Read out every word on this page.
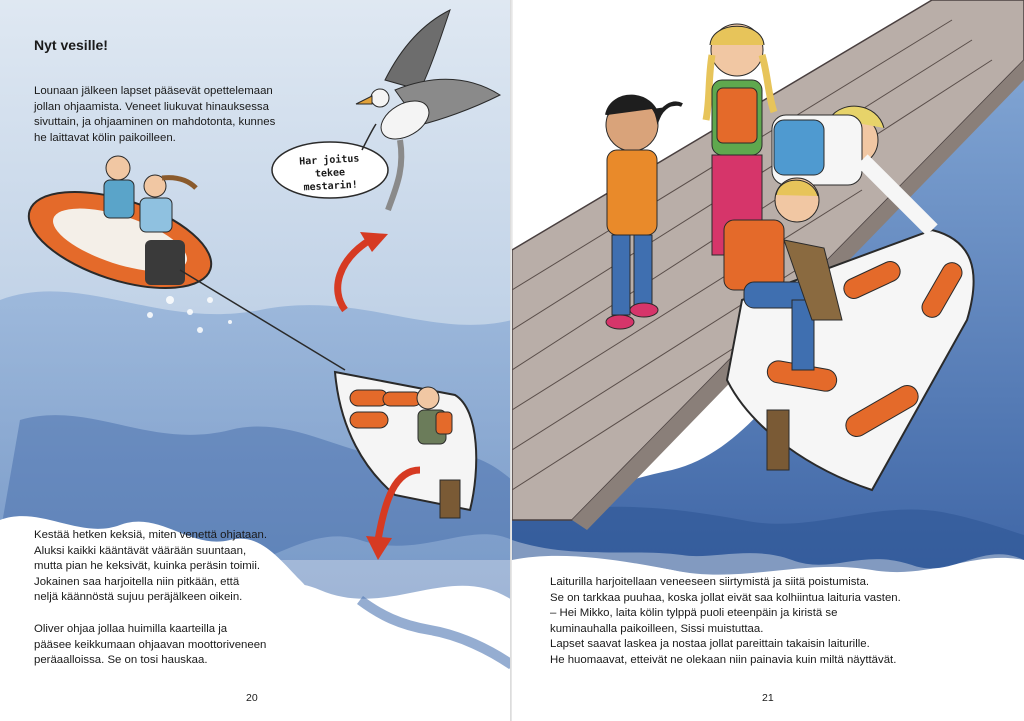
Nyt vesille!

Lounaan jälkeen lapset pääsevät opettelemaan
jollan ohjaamista. Veneet liukuvat hinauksessa
sivuttain, ja ohjaaminen on mahdotonta, kunnes
he laittavat kölin paikoilleen.

Har joitus
tekee mestarin!

Kestää hetken keksiä, miten venettä ohjataan.
Aluksi kaikki kääntävät väärään suuntaan,
mutta pian he keksivät, kuinka peräsin toimii.
Jokainen saa harjoitella niin pitkään, että
neljä käännöstä sujuu peräjälkeen oikein.

Oliver ohjaa jollaa huimilla kaarteilla ja
pääsee keikkumaan ohjaavan moottoriveneen
peräaalloissa. Se on tosi hauskaa.

20

Laiturilla harjoitellaan veneeseen siirtymistä ja siitä poistumista.
Se on tarkkaa puuhaa, koska jollat eivät saa kolhiintua laituria vasten.
– Hei Mikko, laita kölin tylppä puoli eteenpäin ja kiristä se
kuminauhalla paikoilleen, Sissi muistuttaa.
Lapset saavat laskea ja nostaa jollat pareittain takaisin laiturille.
He huomaavat, etteivät ne olekaan niin painavia kuin miltä näyttävät.

21
